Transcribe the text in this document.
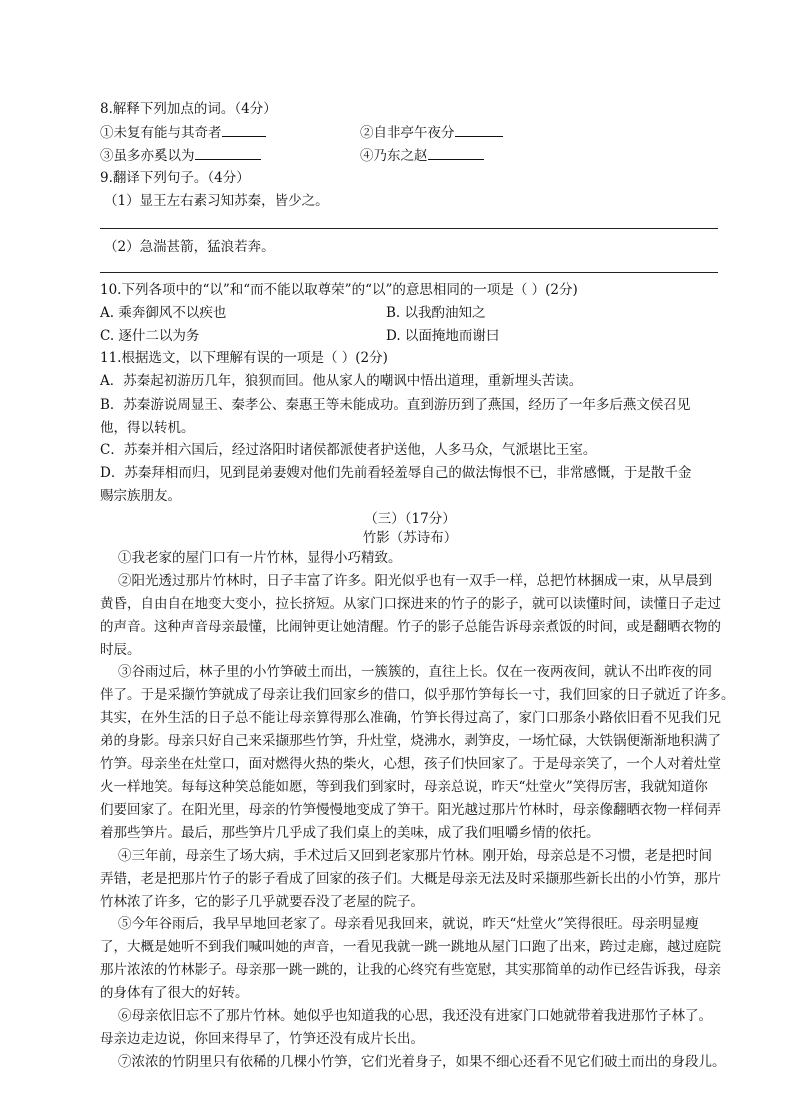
8.解释下列加点的词。（4分）
①未复有能与其奇者	②自非亭午夜分
③虽多亦奚以为	④乃东之赵
9.翻译下列句子。（4分）
（1）显王左右素习知苏秦，皆少之。
（2）急湍甚箭，猛浪若奔。
10.下列各项中的“以”和“而不能以取尊荣”的“以”的意思相同的一项是（ ）(2分)
A. 乘奔御风不以疾也	B. 以我酌油知之
C. 逐什二以为务	D. 以面掩地而谢曰
11.根据选文，以下理解有误的一项是（ ）(2分)
A．苏秦起初游历几年，狼狈而回。他从家人的嘲讽中悟出道理，重新埋头苦读。
B．苏秦游说周显王、秦孝公、秦惠王等未能成功。直到游历到了燕国，经历了一年多后燕文侯召见
他，得以转机。
C．苏秦并相六国后，经过洛阳时诸侯都派使者护送他，人多马众，气派堪比王室。
D．苏秦拜相而归，见到昆弟妻嫂对他们先前看轻羞辱自己的做法悔恨不已，非常感慨，于是散千金
赐宗族朋友。
（三）（17分）
竹影（苏诗布）
①我老家的屋门口有一片竹林，显得小巧精致。
②阳光透过那片竹林时，日子丰富了许多。阳光似乎也有一双手一样，总把竹林捆成一束，从早晨到
黄昏，自由自在地变大变小，拉长挤短。从家门口探进来的竹子的影子，就可以读懂时间，读懂日子走过
的声音。这种声音母亲最懂，比闹钟更让她清醒。竹子的影子总能告诉母亲煮饭的时间，或是翻晒衣物的
时辰。
③谷雨过后，林子里的小竹笋破土而出，一簇簇的，直往上长。仅在一夜两夜间，就认不出昨夜的同
伴了。于是采撷竹笋就成了母亲让我们回家乡的借口，似乎那竹笋每长一寸，我们回家的日子就近了许多。
其实，在外生活的日子总不能让母亲算得那么准确，竹笋长得过高了，家门口那条小路依旧看不见我们兄
弟的身影。母亲只好自己来采撷那些竹笋，升灶堂，烧沸水，剥笋皮，一场忙碌，大铁锅便渐渐地积满了
竹笋。母亲坐在灶堂口，面对燃得火热的柴火，心想，孩子们快回家了。于是母亲笑了，一个人对着灶堂
火一样地笑。每每这种笑总能如愿，等到我们到家时，母亲总说，昨天“灶堂火”笑得厉害，我就知道你
们要回家了。在阳光里，母亲的竹笋慢慢地变成了笋干。阳光越过那片竹林时，母亲像翻晒衣物一样伺弄
着那些笋片。最后，那些笋片几乎成了我们桌上的美味，成了我们咀嚼乡情的依托。
④三年前，母亲生了场大病，手术过后又回到老家那片竹林。刚开始，母亲总是不习惯，老是把时间
弄错，老是把那片竹子的影子看成了回家的孩子们。大概是母亲无法及时采撷那些新长出的小竹笋，那片
竹林浓了许多，它的影子几乎就要吞没了老屋的院子。
⑤今年谷雨后，我早早地回老家了。母亲看见我回来，就说，昨天“灶堂火”笑得很旺。母亲明显瘦
了，大概是她听不到我们喊叫她的声音，一看见我就一跳一跳地从屋门口跑了出来，跨过走廊，越过庭院
那片浓浓的竹林影子。母亲那一跳一跳的，让我的心终究有些宽慰，其实那简单的动作已经告诉我，母亲
的身体有了很大的好转。
⑥母亲依旧忘不了那片竹林。她似乎也知道我的心思，我还没有进家门口她就带着我进那竹子林了。
母亲边走边说，你回来得早了，竹笋还没有成片长出。
⑦浓浓的竹阴里只有依稀的几棵小竹笋，它们光着身子，如果不细心还看不见它们破土而出的身段儿。
